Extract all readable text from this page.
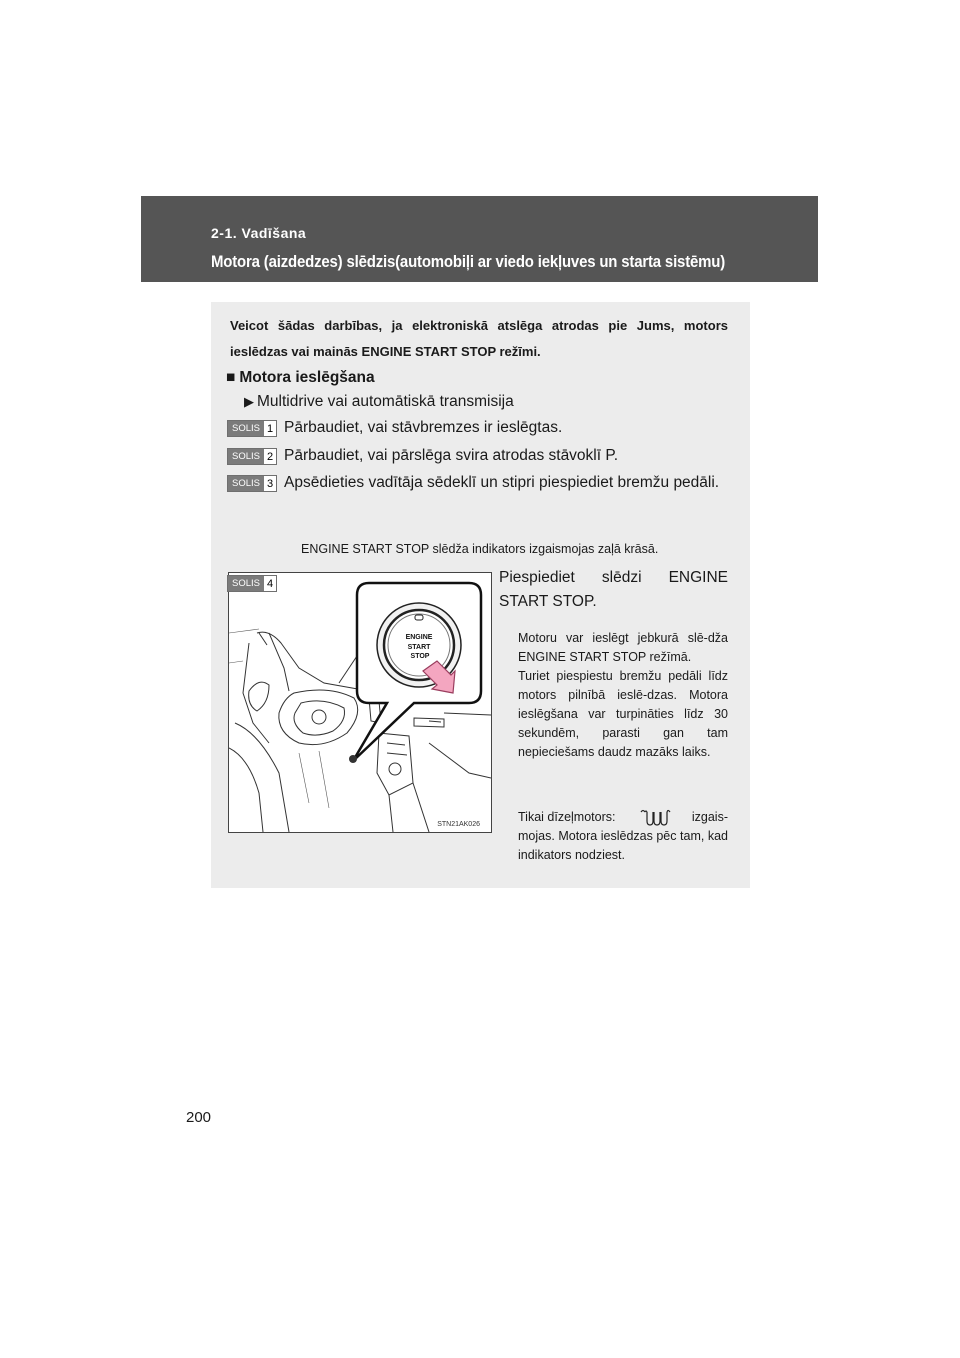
2-1. Vadīšana
Motora (aizdedzes) slēdzis(automobiļi ar viedo iekļuves un starta sistēmu)
Veicot šādas darbības, ja elektroniskā atslēga atrodas pie Jums, motors ieslēdzas vai mainās ENGINE START STOP režīmi.
■ Motora ieslēgšana
▶ Multidrive vai automātiskā transmisija
SOLIS 1 Pārbaudiet, vai stāvbremzes ir ieslēgtas.
SOLIS 2 Pārbaudiet, vai pārslēga svira atrodas stāvoklī P.
SOLIS 3 Apsēdieties vadītāja sēdeklī un stipri piespiediet bremžu pedāli.
ENGINE START STOP slēdža indikators izgaismojas zaļā krāsā.
SOLIS 4
ENGINE
START
STOP
STN21AK026
Piespiediet slēdzi ENGINE START STOP.
Motoru var ieslēgt jebkurā slē-dža ENGINE START STOP režīmā.
Turiet piespiestu bremžu pedāli līdz motors pilnībā ieslē-dzas. Motora ieslēgšana var turpināties līdz 30 sekundēm, parasti gan tam nepieciešams daudz mazāks laiks.
Tikai dīzeļmotors:	izgais-
mojas. Motora ieslēdzas pēc tam, kad indikators nodziest.
200
